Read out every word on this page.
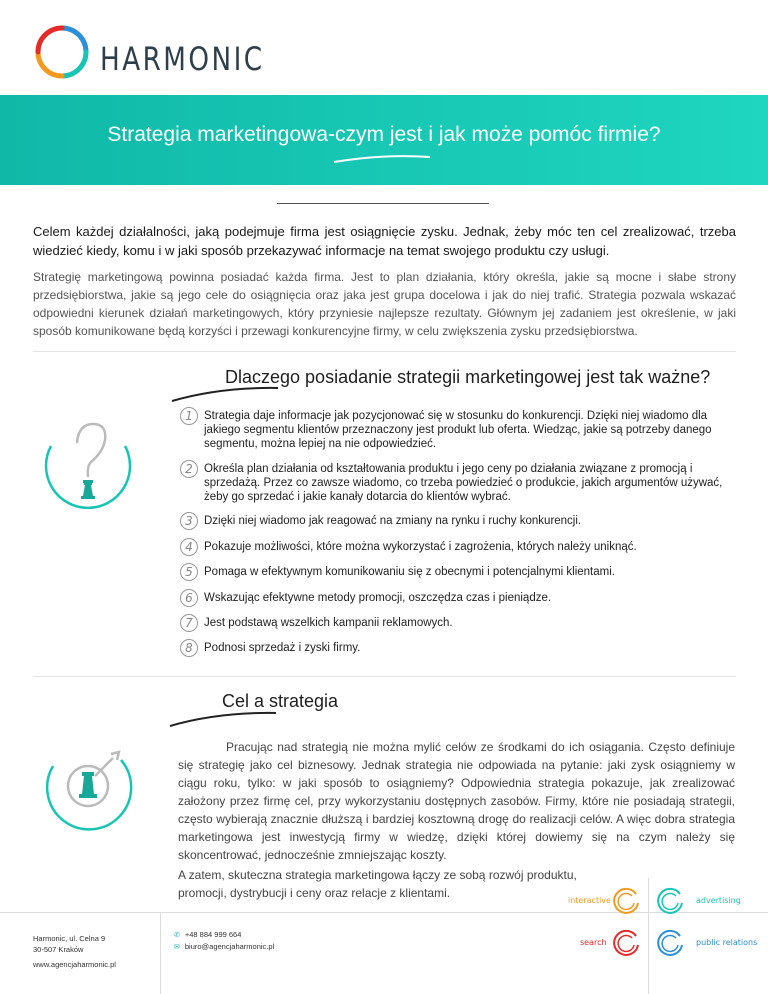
HARMONIC
Strategia marketingowa-czym jest i jak może pomóc firmie?

Celem każdej działalności, jaką podejmuje firma jest osiągnięcie zysku. Jednak, żeby móc ten cel zrealizować, trzeba wiedzieć kiedy, komu i w jaki sposób przekazywać informacje na temat swojego produktu czy usługi.

Strategię marketingową powinna posiadać każda firma. Jest to plan działania, który określa, jakie są mocne i słabe strony przedsiębiorstwa, jakie są jego cele do osiągnięcia oraz jaka jest grupa docelowa i jak do niej trafić. Strategia pozwala wskazać odpowiedni kierunek działań marketingowych, który przyniesie najlepsze rezultaty. Głównym jej zadaniem jest określenie, w jaki sposób komunikowane będą korzyści i przewagi konkurencyjne firmy, w celu zwiększenia zysku przedsiębiorstwa.

Dlaczego posiadanie strategii marketingowej jest tak ważne?
1 Strategia daje informacje jak pozycjonować się w stosunku do konkurencji. Dzięki niej wiadomo dla jakiego segmentu klientów przeznaczony jest produkt lub oferta. Wiedząc, jakie są potrzeby danego segmentu, można lepiej na nie odpowiedzieć.
2 Określa plan działania od kształtowania produktu i jego ceny po działania związane z promocją i sprzedażą. Przez co zawsze wiadomo, co trzeba powiedzieć o produkcie, jakich argumentów używać, żeby go sprzedać i jakie kanały dotarcia do klientów wybrać.
3 Dzięki niej wiadomo jak reagować na zmiany na rynku i ruchy konkurencji.
4 Pokazuje możliwości, które można wykorzystać i zagrożenia, których należy uniknąć.
5 Pomaga w efektywnym komunikowaniu się z obecnymi i potencjalnymi klientami.
6 Wskazując efektywne metody promocji, oszczędza czas i pieniądze.
7 Jest podstawą wszelkich kampanii reklamowych.
8 Podnosi sprzedaż i zyski firmy.
Cel a strategia

Pracując nad strategią nie można mylić celów ze środkami do ich osiągania. Często definiuje się strategię jako cel biznesowy. Jednak strategia nie odpowiada na pytanie: jaki zysk osiągniemy w ciągu roku, tylko: w jaki sposób to osiągniemy? Odpowiednia strategia pokazuje, jak zrealizować założony przez firmę cel, przy wykorzystaniu dostępnych zasobów. Firmy, które nie posiadają strategii, często wybierają znacznie dłuższą i bardziej kosztowną drogę do realizacji celów. A więc dobra strategia marketingowa jest inwestycją firmy w wiedzę, dzięki której dowiemy się na czym należy się skoncentrować, jednocześnie zmniejszając koszty.

A zatem, skuteczna strategia marketingowa łączy ze sobą rozwój produktu, promocji, dystrybucji i ceny oraz relacje z klientami.

Harmonic, ul. Celna 9
30-507 Kraków
www.agencjaharmonic.pl
✆ +48 884 999 664
✉ biuro@agencjaharmonic.pl
interactive	advertising
search	public relations
